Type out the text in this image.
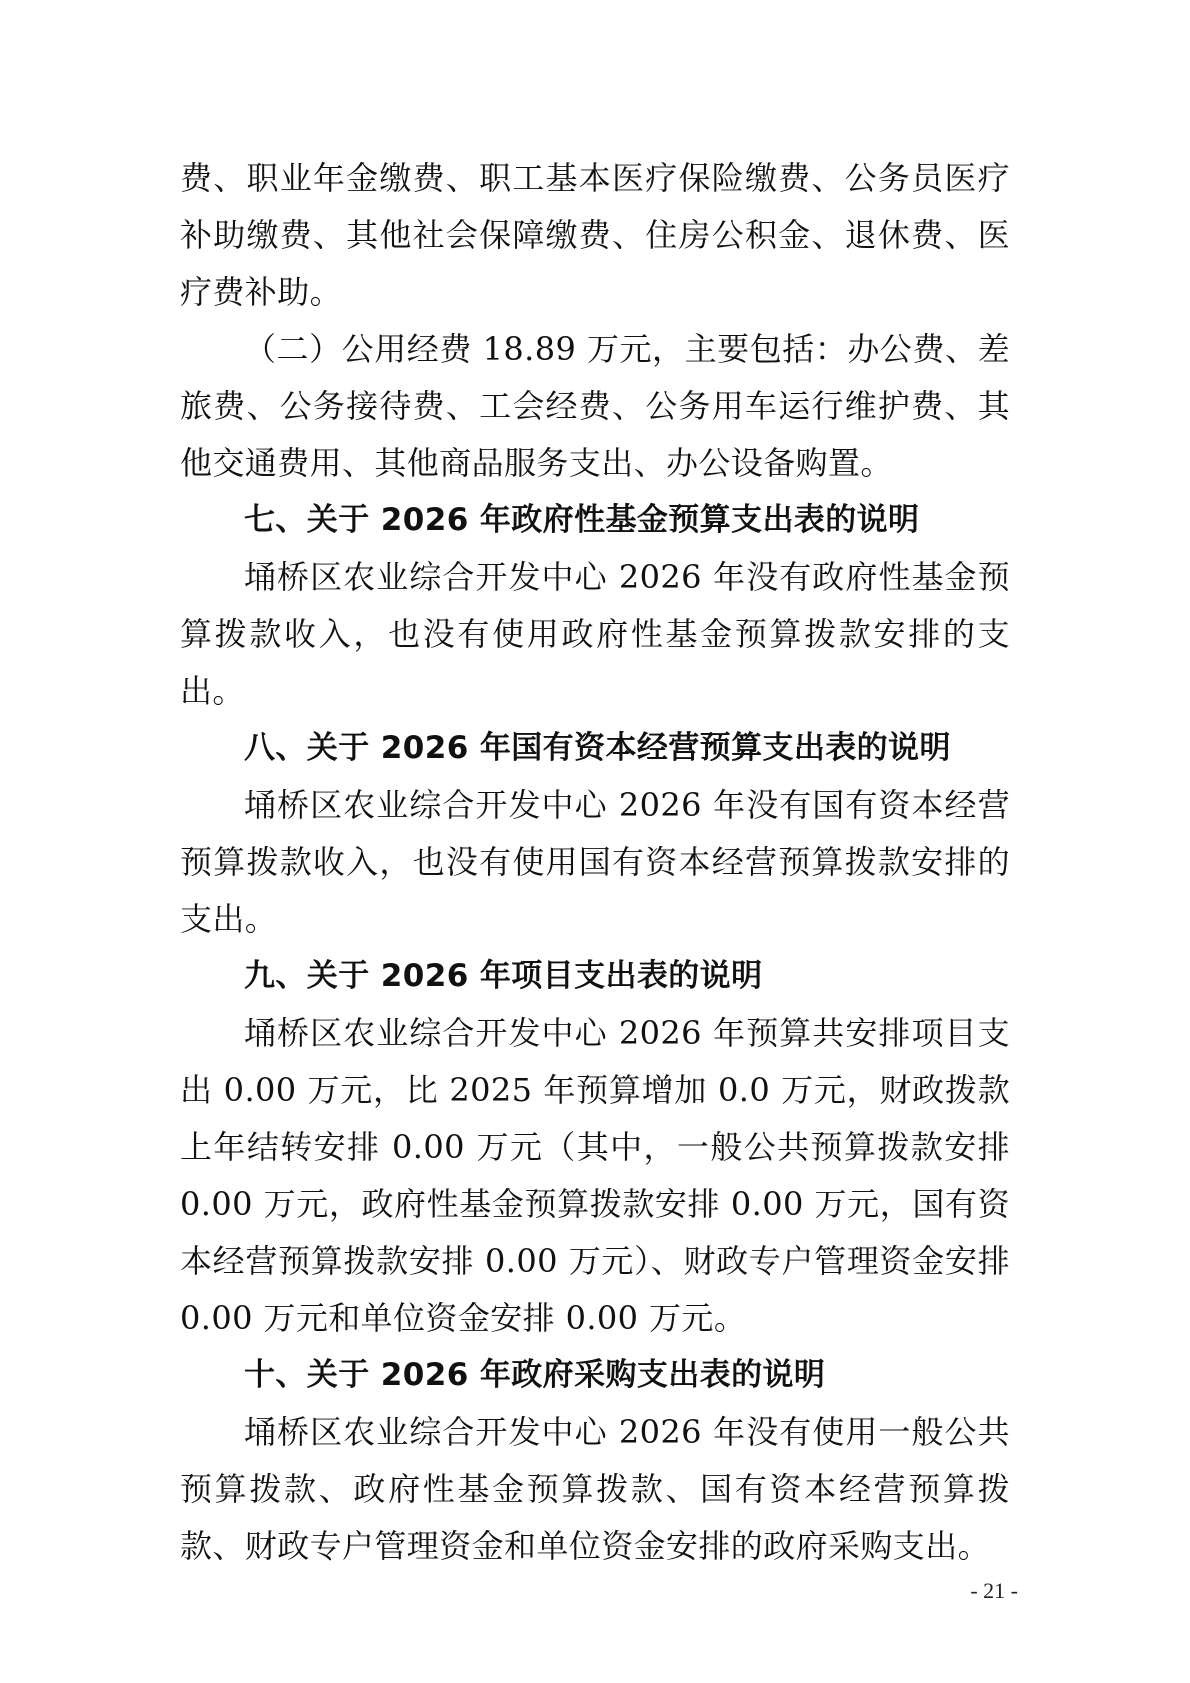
费、职业年金缴费、职工基本医疗保险缴费、公务员医疗补助缴费、其他社会保障缴费、住房公积金、退休费、医疗费补助。

（二）公用经费 18.89 万元，主要包括：办公费、差旅费、公务接待费、工会经费、公务用车运行维护费、其他交通费用、其他商品服务支出、办公设备购置。

七、关于 2026 年政府性基金预算支出表的说明

埇桥区农业综合开发中心 2026 年没有政府性基金预算拨款收入，也没有使用政府性基金预算拨款安排的支出。

八、关于 2026 年国有资本经营预算支出表的说明

埇桥区农业综合开发中心 2026 年没有国有资本经营预算拨款收入，也没有使用国有资本经营预算拨款安排的支出。

九、关于 2026 年项目支出表的说明

埇桥区农业综合开发中心 2026 年预算共安排项目支出 0.00 万元，比 2025 年预算增加 0.0 万元，财政拨款上年结转安排 0.00 万元（其中，一般公共预算拨款安排 0.00 万元，政府性基金预算拨款安排 0.00 万元，国有资本经营预算拨款安排 0.00 万元）、财政专户管理资金安排 0.00 万元和单位资金安排 0.00 万元。

十、关于 2026 年政府采购支出表的说明

埇桥区农业综合开发中心 2026 年没有使用一般公共预算拨款、政府性基金预算拨款、国有资本经营预算拨款、财政专户管理资金和单位资金安排的政府采购支出。

- 21 -
